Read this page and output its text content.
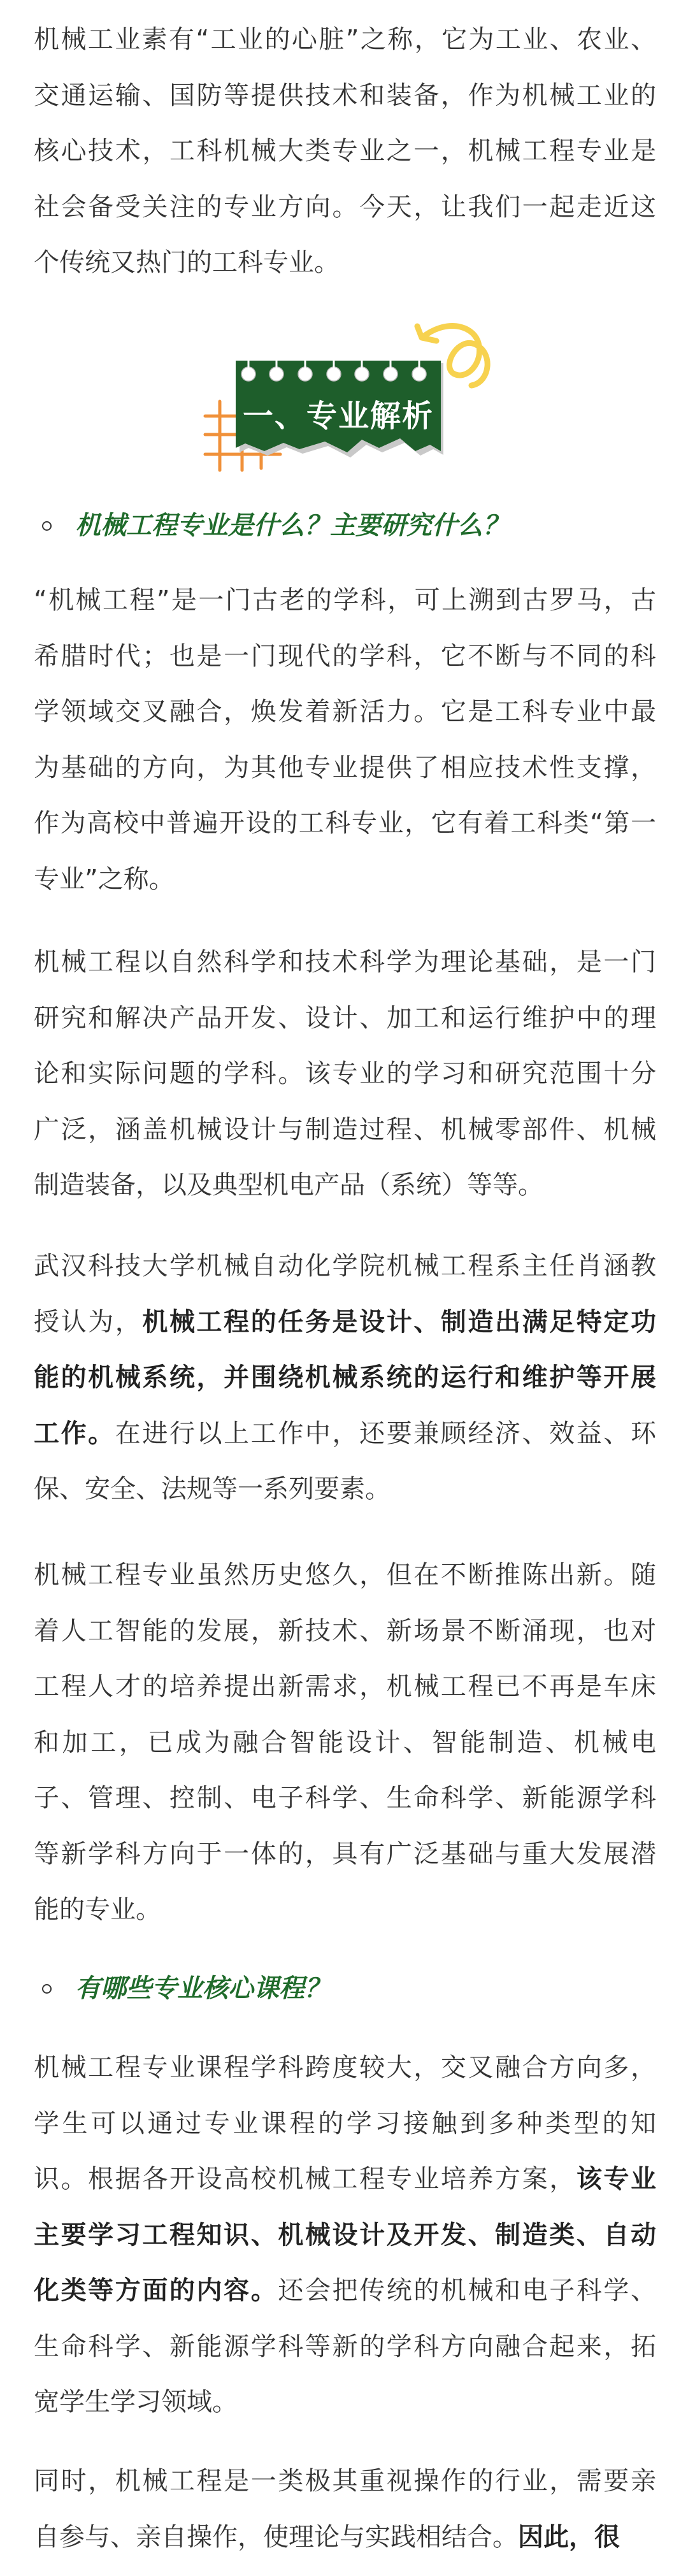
机械工业素有“工业的心脏”之称，它为工业、农业、
交通运输、国防等提供技术和装备，作为机械工业的
核心技术，工科机械大类专业之一，机械工程专业是
社会备受关注的专业方向。今天，让我们一起走近这
个传统又热门的工科专业。
一、专业解析
机械工程专业是什么？主要研究什么？
“机械工程”是一门古老的学科，可上溯到古罗马，古
希腊时代；也是一门现代的学科，它不断与不同的科
学领域交叉融合，焕发着新活力。它是工科专业中最
为基础的方向，为其他专业提供了相应技术性支撑，
作为高校中普遍开设的工科专业，它有着工科类“第一
专业”之称。
机械工程以自然科学和技术科学为理论基础，是一门
研究和解决产品开发、设计、加工和运行维护中的理
论和实际问题的学科。该专业的学习和研究范围十分
广泛，涵盖机械设计与制造过程、机械零部件、机械
制造装备，以及典型机电产品（系统）等等。
武汉科技大学机械自动化学院机械工程系主任肖涵教
授认为，机械工程的任务是设计、制造出满足特定功
能的机械系统，并围绕机械系统的运行和维护等开展
工作。在进行以上工作中，还要兼顾经济、效益、环
保、安全、法规等一系列要素。
机械工程专业虽然历史悠久，但在不断推陈出新。随
着人工智能的发展，新技术、新场景不断涌现，也对
工程人才的培养提出新需求，机械工程已不再是车床
和加工，已成为融合智能设计、智能制造、机械电
子、管理、控制、电子科学、生命科学、新能源学科
等新学科方向于一体的，具有广泛基础与重大发展潜
能的专业。
有哪些专业核心课程？
机械工程专业课程学科跨度较大，交叉融合方向多，
学生可以通过专业课程的学习接触到多种类型的知
识。根据各开设高校机械工程专业培养方案，该专业
主要学习工程知识、机械设计及开发、制造类、自动
化类等方面的内容。还会把传统的机械和电子科学、
生命科学、新能源学科等新的学科方向融合起来，拓
宽学生学习领域。
同时，机械工程是一类极其重视操作的行业，需要亲
自参与、亲自操作，使理论与实践相结合。因此，很
